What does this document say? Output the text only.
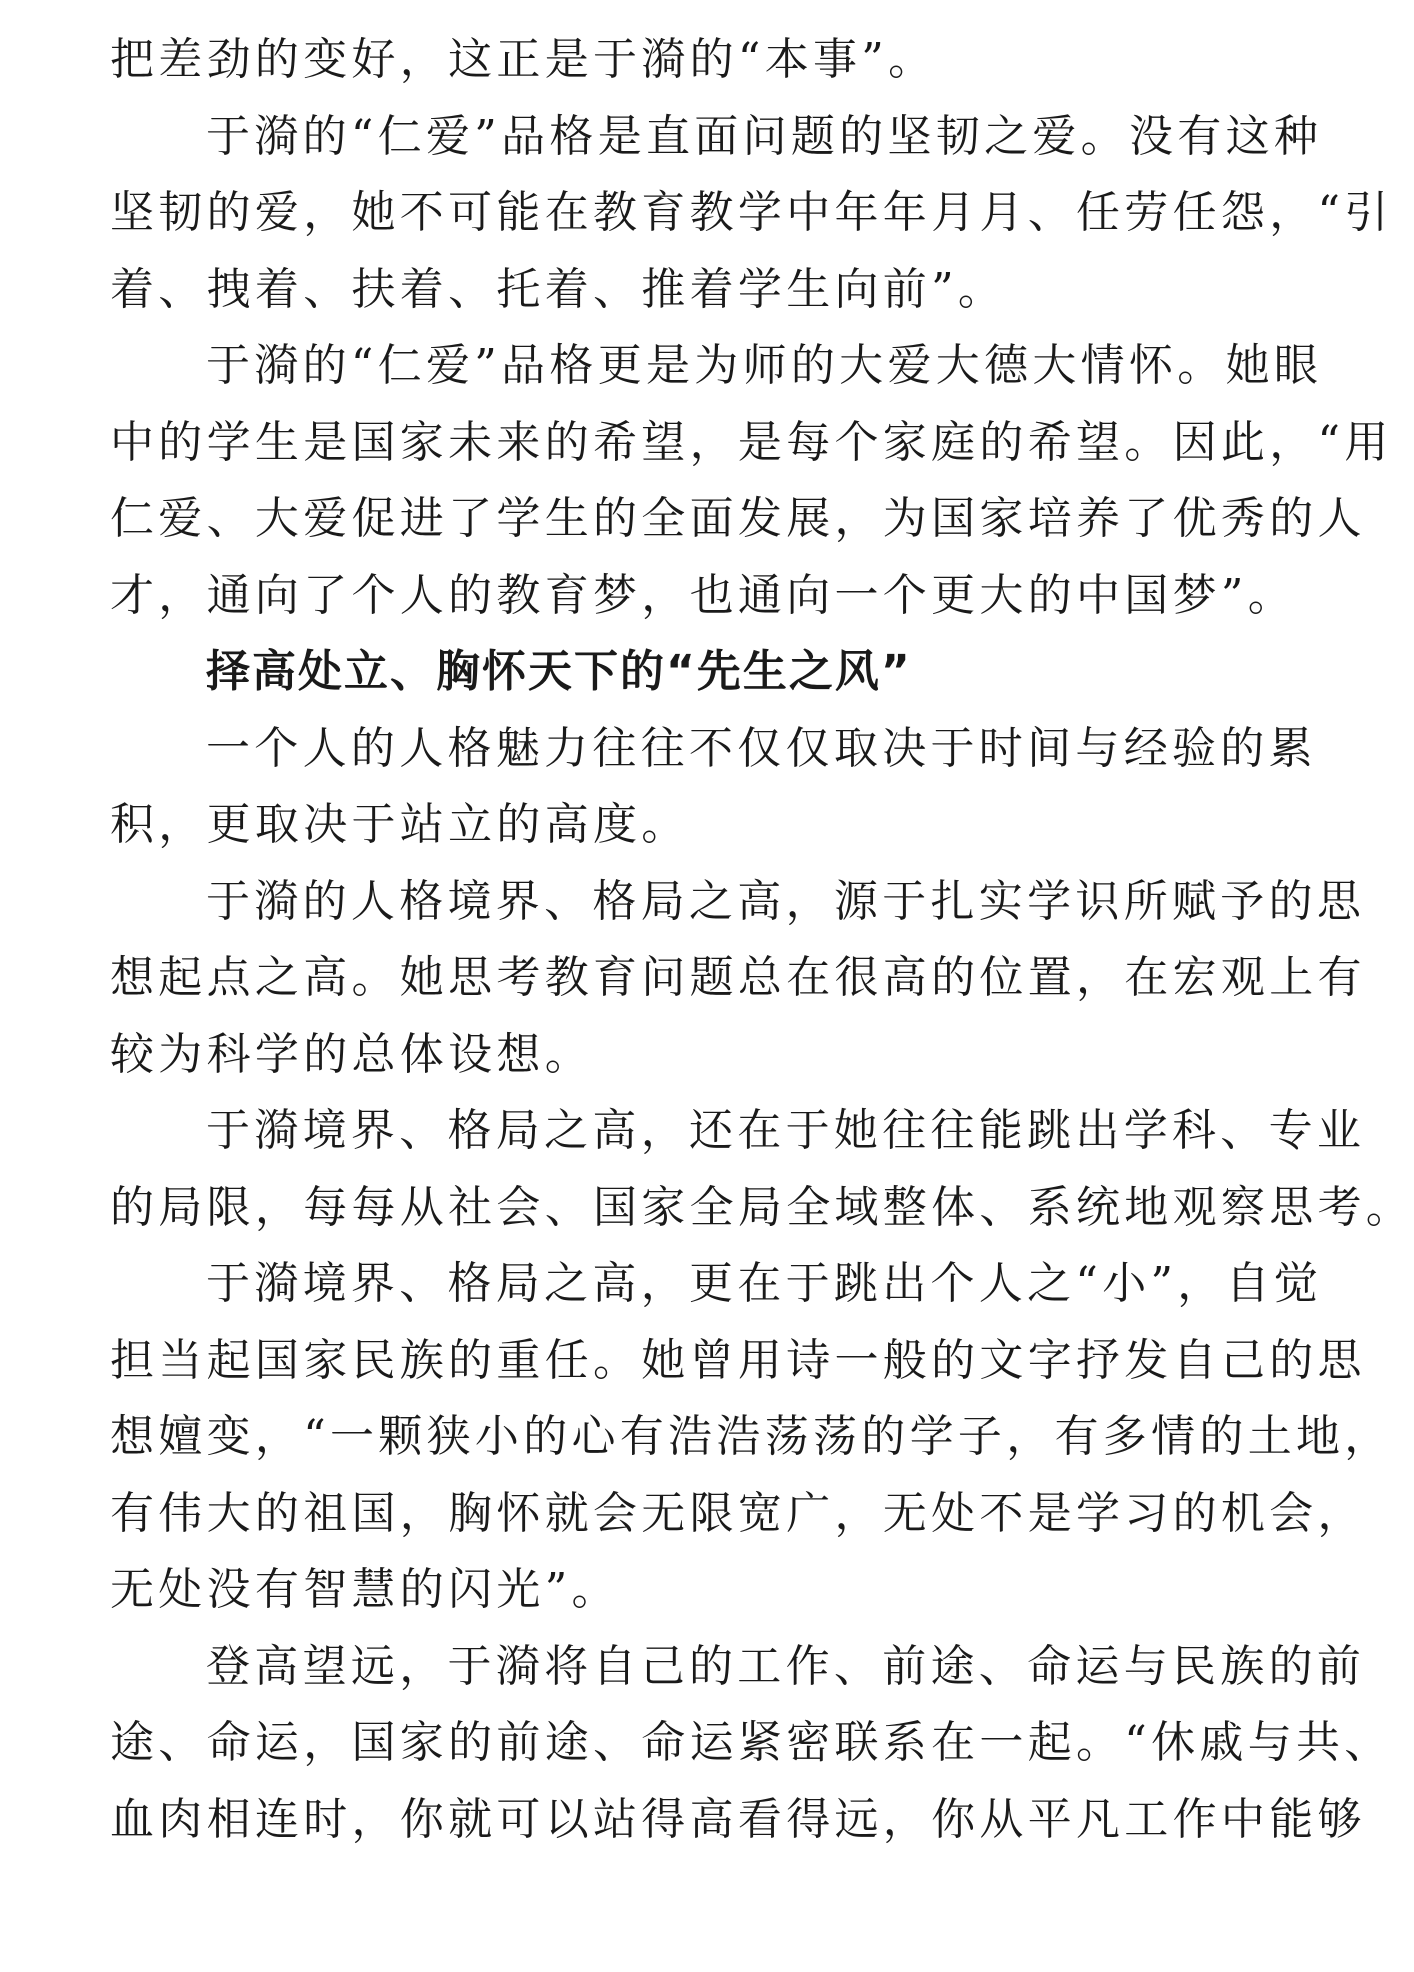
把差劲的变好，这正是于漪的“本事”。
于漪的“仁爱”品格是直面问题的坚韧之爱。没有这种
坚韧的爱，她不可能在教育教学中年年月月、任劳任怨，“引
着、拽着、扶着、托着、推着学生向前”。
于漪的“仁爱”品格更是为师的大爱大德大情怀。她眼
中的学生是国家未来的希望，是每个家庭的希望。因此，“用
仁爱、大爱促进了学生的全面发展，为国家培养了优秀的人
才，通向了个人的教育梦，也通向一个更大的中国梦”。
择高处立、胸怀天下的“先生之风”
一个人的人格魅力往往不仅仅取决于时间与经验的累
积，更取决于站立的高度。
于漪的人格境界、格局之高，源于扎实学识所赋予的思
想起点之高。她思考教育问题总在很高的位置，在宏观上有
较为科学的总体设想。
于漪境界、格局之高，还在于她往往能跳出学科、专业
的局限，每每从社会、国家全局全域整体、系统地观察思考。
于漪境界、格局之高，更在于跳出个人之“小”，自觉
担当起国家民族的重任。她曾用诗一般的文字抒发自己的思
想嬗变，“一颗狭小的心有浩浩荡荡的学子，有多情的土地，
有伟大的祖国，胸怀就会无限宽广，无处不是学习的机会，
无处没有智慧的闪光”。
登高望远，于漪将自己的工作、前途、命运与民族的前
途、命运，国家的前途、命运紧密联系在一起。“休戚与共、
血肉相连时，你就可以站得高看得远，你从平凡工作中能够
